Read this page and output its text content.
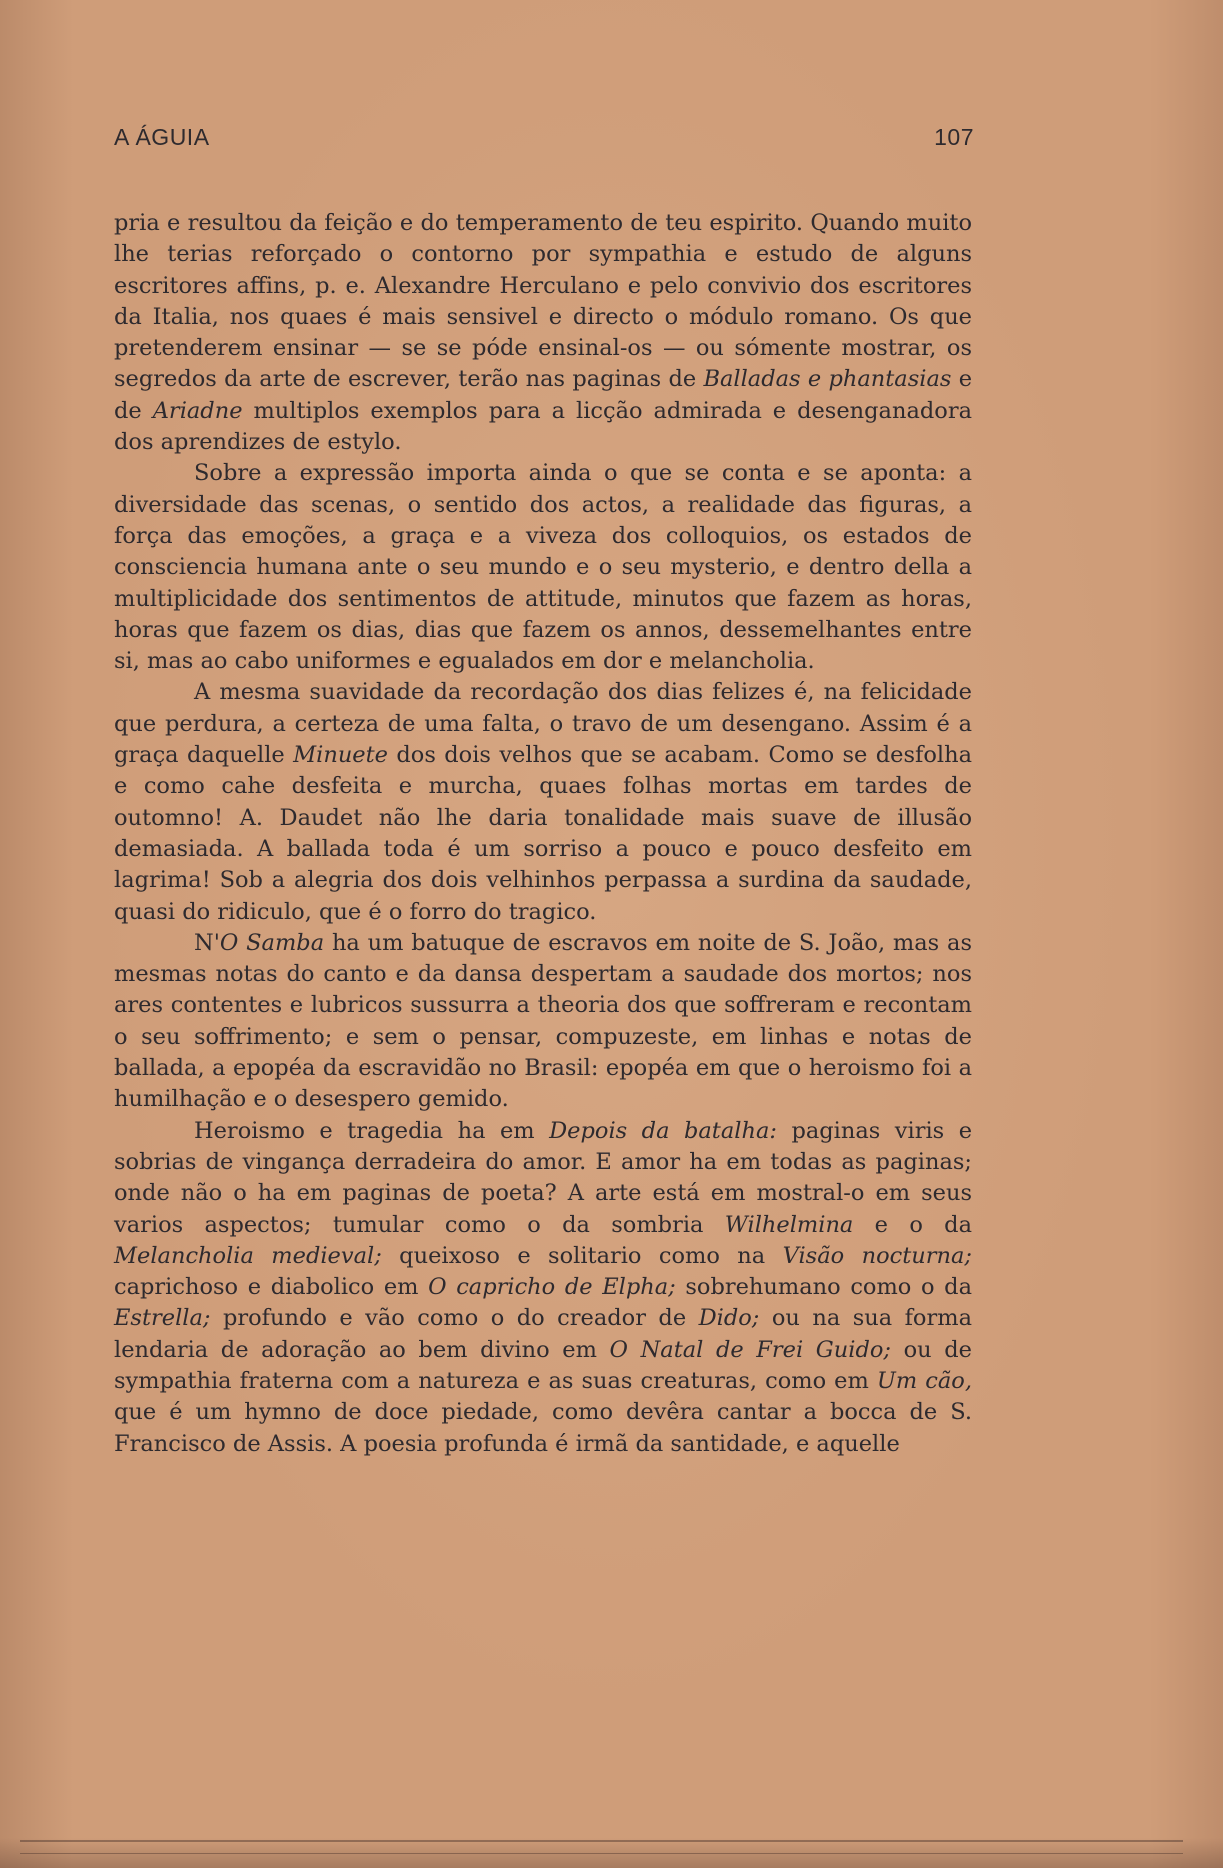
A ÁGUIA	107

pria e resultou da feição e do temperamento de teu espirito. Quando muito lhe terias reforçado o contorno por sympathia e estudo de alguns escritores affins, p. e. Alexandre Herculano e pelo convivio dos escritores da Italia, nos quaes é mais sensivel e directo o módulo romano. Os que pretenderem ensinar — se se póde ensinal-os — ou sómente mostrar, os segredos da arte de escrever, terão nas paginas de Balladas e phantasias e de Ariadne multiplos exemplos para a licção admirada e desenganadora dos aprendizes de estylo.

Sobre a expressão importa ainda o que se conta e se aponta: a diversidade das scenas, o sentido dos actos, a realidade das figuras, a força das emoções, a graça e a viveza dos colloquios, os estados de consciencia humana ante o seu mundo e o seu mysterio, e dentro della a multiplicidade dos sentimentos de attitude, minutos que fazem as horas, horas que fazem os dias, dias que fazem os annos, dessemelhantes entre si, mas ao cabo uniformes e egualados em dor e melancholia.

A mesma suavidade da recordação dos dias felizes é, na felicidade que perdura, a certeza de uma falta, o travo de um desengano. Assim é a graça daquelle Minuete dos dois velhos que se acabam. Como se desfolha e como cahe desfeita e murcha, quaes folhas mortas em tardes de outomno! A. Daudet não lhe daria tonalidade mais suave de illusão demasiada. A ballada toda é um sorriso a pouco e pouco desfeito em lagrima! Sob a alegria dos dois velhinhos perpassa a surdina da saudade, quasi do ridiculo, que é o forro do tragico.

N'O Samba ha um batuque de escravos em noite de S. João, mas as mesmas notas do canto e da dansa despertam a saudade dos mortos; nos ares contentes e lubricos sussurra a theoria dos que soffreram e recontam o seu soffrimento; e sem o pensar, compuzeste, em linhas e notas de ballada, a epopéa da escravidão no Brasil: epopéa em que o heroismo foi a humilhação e o desespero gemido.

Heroismo e tragedia ha em Depois da batalha: paginas viris e sobrias de vingança derradeira do amor. E amor ha em todas as paginas; onde não o ha em paginas de poeta? A arte está em mostral-o em seus varios aspectos; tumular como o da sombria Wilhelmina e o da Melancholia medieval; queixoso e solitario como na Visão nocturna; caprichoso e diabolico em O capricho de Elpha; sobrehumano como o da Estrella; profundo e vão como o do creador de Dido; ou na sua forma lendaria de adoração ao bem divino em O Natal de Frei Guido; ou de sympathia fraterna com a natureza e as suas creaturas, como em Um cão, que é um hymno de doce piedade, como devêra cantar a bocca de S. Francisco de Assis. A poesia profunda é irmã da santidade, e aquelle
